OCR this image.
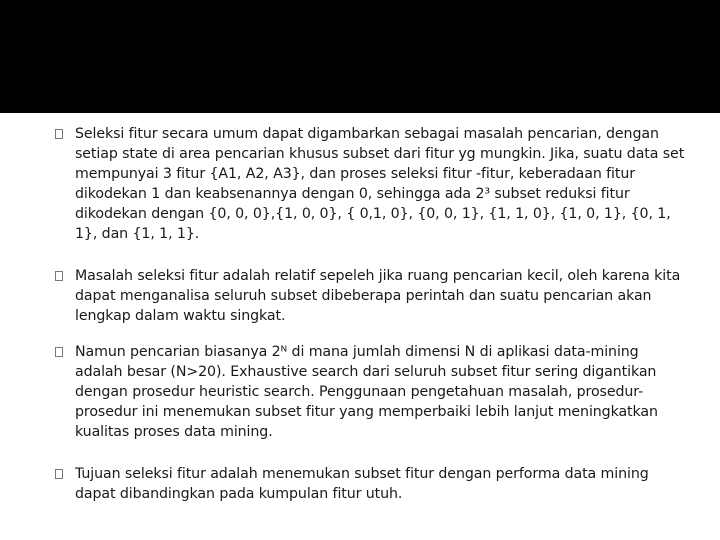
Seleksi fitur secara umum dapat digambarkan sebagai masalah pencarian, dengan setiap state di area pencarian khusus subset dari fitur yg mungkin. Jika, suatu data set mempunyai 3 fitur {A1, A2, A3}, dan proses seleksi fitur -fitur, keberadaan fitur dikodekan 1 dan keabsenannya dengan 0, sehingga ada 2³ subset reduksi fitur dikodekan dengan {0, 0, 0},{1, 0, 0}, { 0,1, 0}, {0, 0, 1}, {1, 1, 0}, {1, 0, 1}, {0, 1, 1}, dan {1, 1, 1}.
Masalah seleksi fitur adalah relatif sepeleh jika ruang pencarian kecil, oleh karena kita dapat menganalisa seluruh subset dibeberapa perintah dan suatu pencarian akan lengkap dalam waktu singkat.
Namun pencarian biasanya 2ᴺ di mana jumlah dimensi N di aplikasi data-mining adalah besar (N>20). Exhaustive search dari seluruh subset fitur sering digantikan dengan prosedur heuristic search. Penggunaan pengetahuan masalah, prosedur-prosedur ini menemukan subset fitur yang memperbaiki lebih lanjut meningkatkan kualitas proses data mining.
Tujuan seleksi fitur adalah menemukan subset fitur dengan performa data mining dapat dibandingkan pada kumpulan fitur utuh.
